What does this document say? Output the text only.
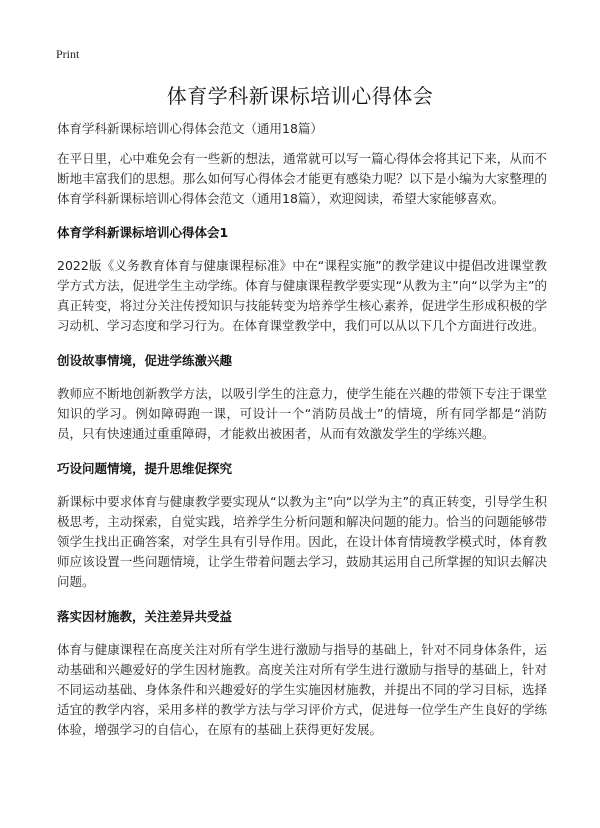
Print
体育学科新课标培训心得体会

体育学科新课标培训心得体会范文（通用18篇）

在平日里，心中难免会有一些新的想法，通常就可以写一篇心得体会将其记下来，从而不断地丰富我们的思想。那么如何写心得体会才能更有感染力呢？以下是小编为大家整理的体育学科新课标培训心得体会范文（通用18篇），欢迎阅读，希望大家能够喜欢。

体育学科新课标培训心得体会1

2022版《义务教育体育与健康课程标准》中在“课程实施”的教学建议中提倡改进课堂教学方式方法，促进学生主动学练。体育与健康课程教学要实现“从教为主”向“以学为主”的真正转变，将过分关注传授知识与技能转变为培养学生核心素养，促进学生形成积极的学习动机、学习态度和学习行为。在体育课堂教学中，我们可以从以下几个方面进行改进。

创设故事情境，促进学练激兴趣

教师应不断地创新教学方法，以吸引学生的注意力，使学生能在兴趣的带领下专注于课堂知识的学习。例如障碍跑一课，可设计一个“消防员战士”的情境，所有同学都是“消防员，只有快速通过重重障碍，才能救出被困者，从而有效激发学生的学练兴趣。

巧设问题情境，提升思维促探究

新课标中要求体育与健康教学要实现从“以教为主”向“以学为主”的真正转变，引导学生积极思考，主动探索，自觉实践，培养学生分析问题和解决问题的能力。恰当的问题能够带领学生找出正确答案，对学生具有引导作用。因此，在设计体育情境教学模式时，体育教师应该设置一些问题情境，让学生带着问题去学习，鼓励其运用自己所掌握的知识去解决问题。

落实因材施教，关注差异共受益

体育与健康课程在高度关注对所有学生进行激励与指导的基础上，针对不同身体条件，运动基础和兴趣爱好的学生因材施教。高度关注对所有学生进行激励与指导的基础上，针对不同运动基础、身体条件和兴趣爱好的学生实施因材施教，并提出不同的学习目标，选择适宜的教学内容，采用多样的教学方法与学习评价方式，促进每一位学生产生良好的学练体验，增强学习的自信心，在原有的基础上获得更好发展。
